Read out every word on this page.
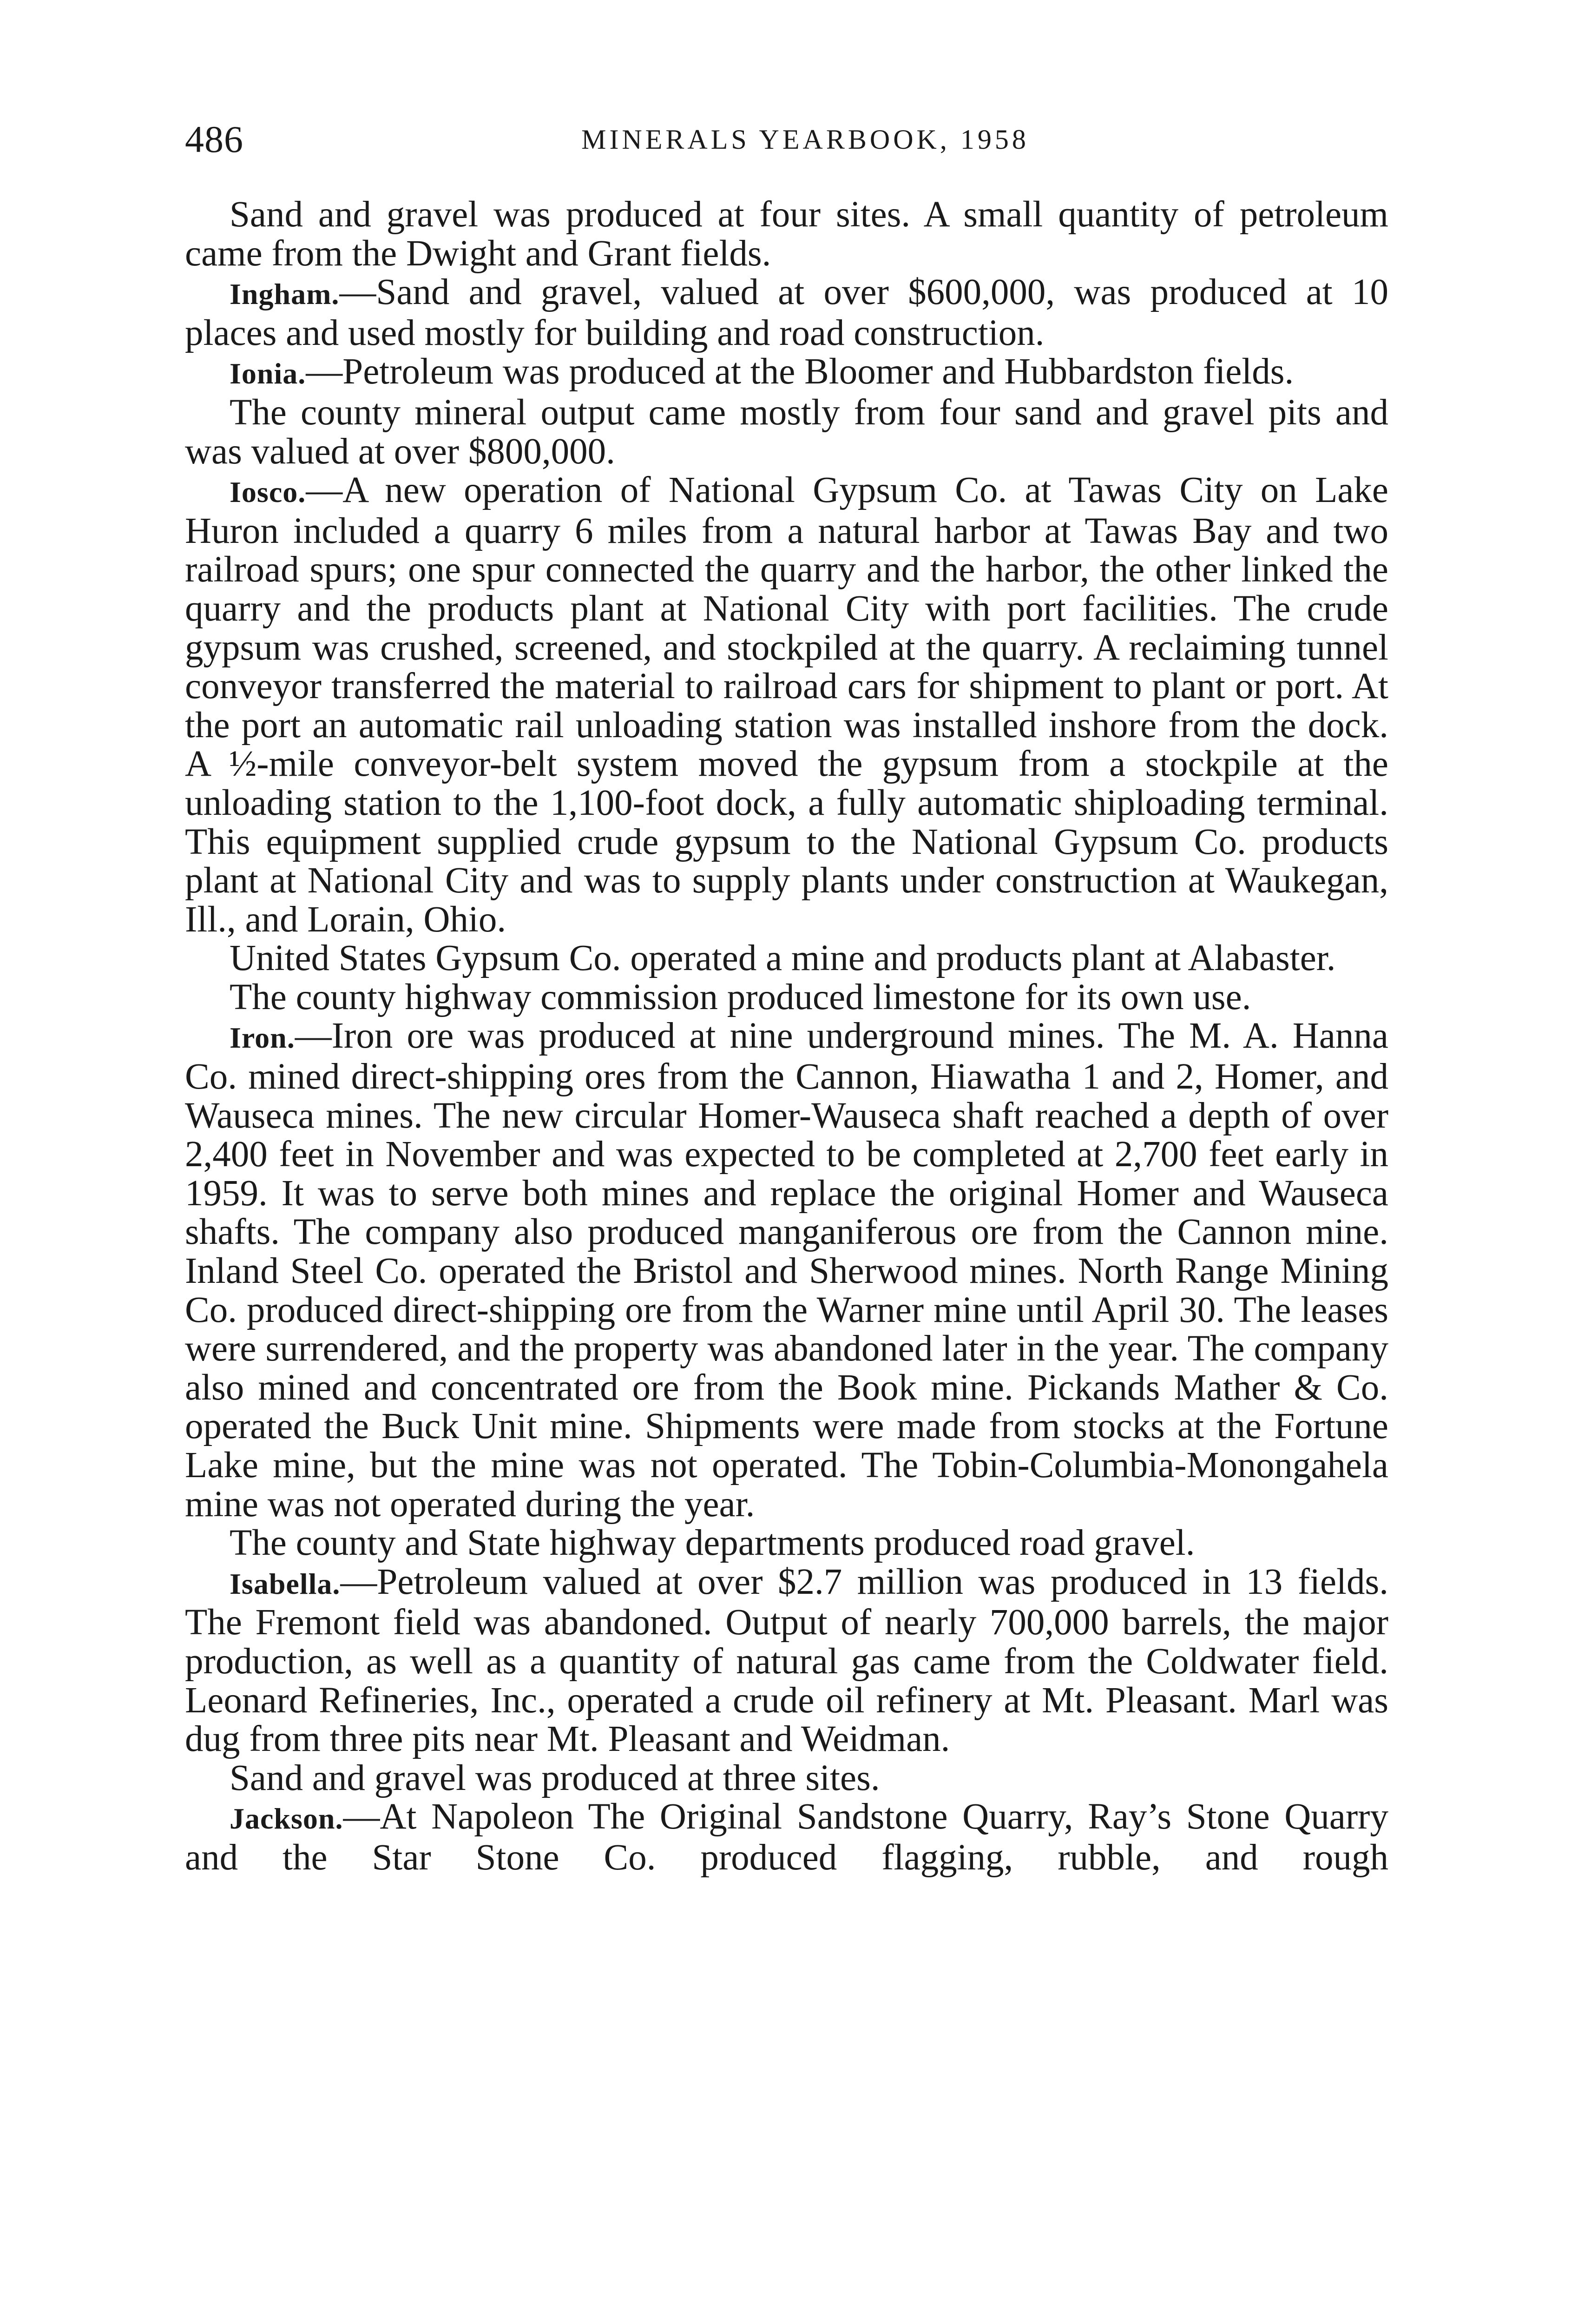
486	MINERALS YEARBOOK, 1958

Sand and gravel was produced at four sites. A small quantity of petroleum came from the Dwight and Grant fields.

Ingham.—Sand and gravel, valued at over $600,000, was produced at 10 places and used mostly for building and road construction.

Ionia.—Petroleum was produced at the Bloomer and Hubbardston fields.

The county mineral output came mostly from four sand and gravel pits and was valued at over $800,000.

Iosco.—A new operation of National Gypsum Co. at Tawas City on Lake Huron included a quarry 6 miles from a natural harbor at Tawas Bay and two railroad spurs; one spur connected the quarry and the harbor, the other linked the quarry and the products plant at National City with port facilities. The crude gypsum was crushed, screened, and stockpiled at the quarry. A reclaiming tunnel conveyor transferred the material to railroad cars for shipment to plant or port. At the port an automatic rail unloading station was installed inshore from the dock. A ½-mile conveyor-belt system moved the gypsum from a stockpile at the unloading station to the 1,100-foot dock, a fully automatic shiploading terminal. This equipment supplied crude gypsum to the National Gypsum Co. products plant at National City and was to supply plants under construction at Waukegan, Ill., and Lorain, Ohio.

United States Gypsum Co. operated a mine and products plant at Alabaster.

The county highway commission produced limestone for its own use.

Iron.—Iron ore was produced at nine underground mines. The M. A. Hanna Co. mined direct-shipping ores from the Cannon, Hiawatha 1 and 2, Homer, and Wauseca mines. The new circular Homer-Wauseca shaft reached a depth of over 2,400 feet in November and was expected to be completed at 2,700 feet early in 1959. It was to serve both mines and replace the original Homer and Wauseca shafts. The company also produced manganiferous ore from the Cannon mine. Inland Steel Co. operated the Bristol and Sherwood mines. North Range Mining Co. produced direct-shipping ore from the Warner mine until April 30. The leases were surrendered, and the property was abandoned later in the year. The company also mined and concentrated ore from the Book mine. Pickands Mather & Co. operated the Buck Unit mine. Shipments were made from stocks at the Fortune Lake mine, but the mine was not operated. The Tobin-Columbia-Monongahela mine was not operated during the year.

The county and State highway departments produced road gravel.

Isabella.—Petroleum valued at over $2.7 million was produced in 13 fields. The Fremont field was abandoned. Output of nearly 700,000 barrels, the major production, as well as a quantity of natural gas came from the Coldwater field. Leonard Refineries, Inc., operated a crude oil refinery at Mt. Pleasant. Marl was dug from three pits near Mt. Pleasant and Weidman.

Sand and gravel was produced at three sites.

Jackson.—At Napoleon The Original Sandstone Quarry, Ray’s Stone Quarry and the Star Stone Co. produced flagging, rubble, and rough
